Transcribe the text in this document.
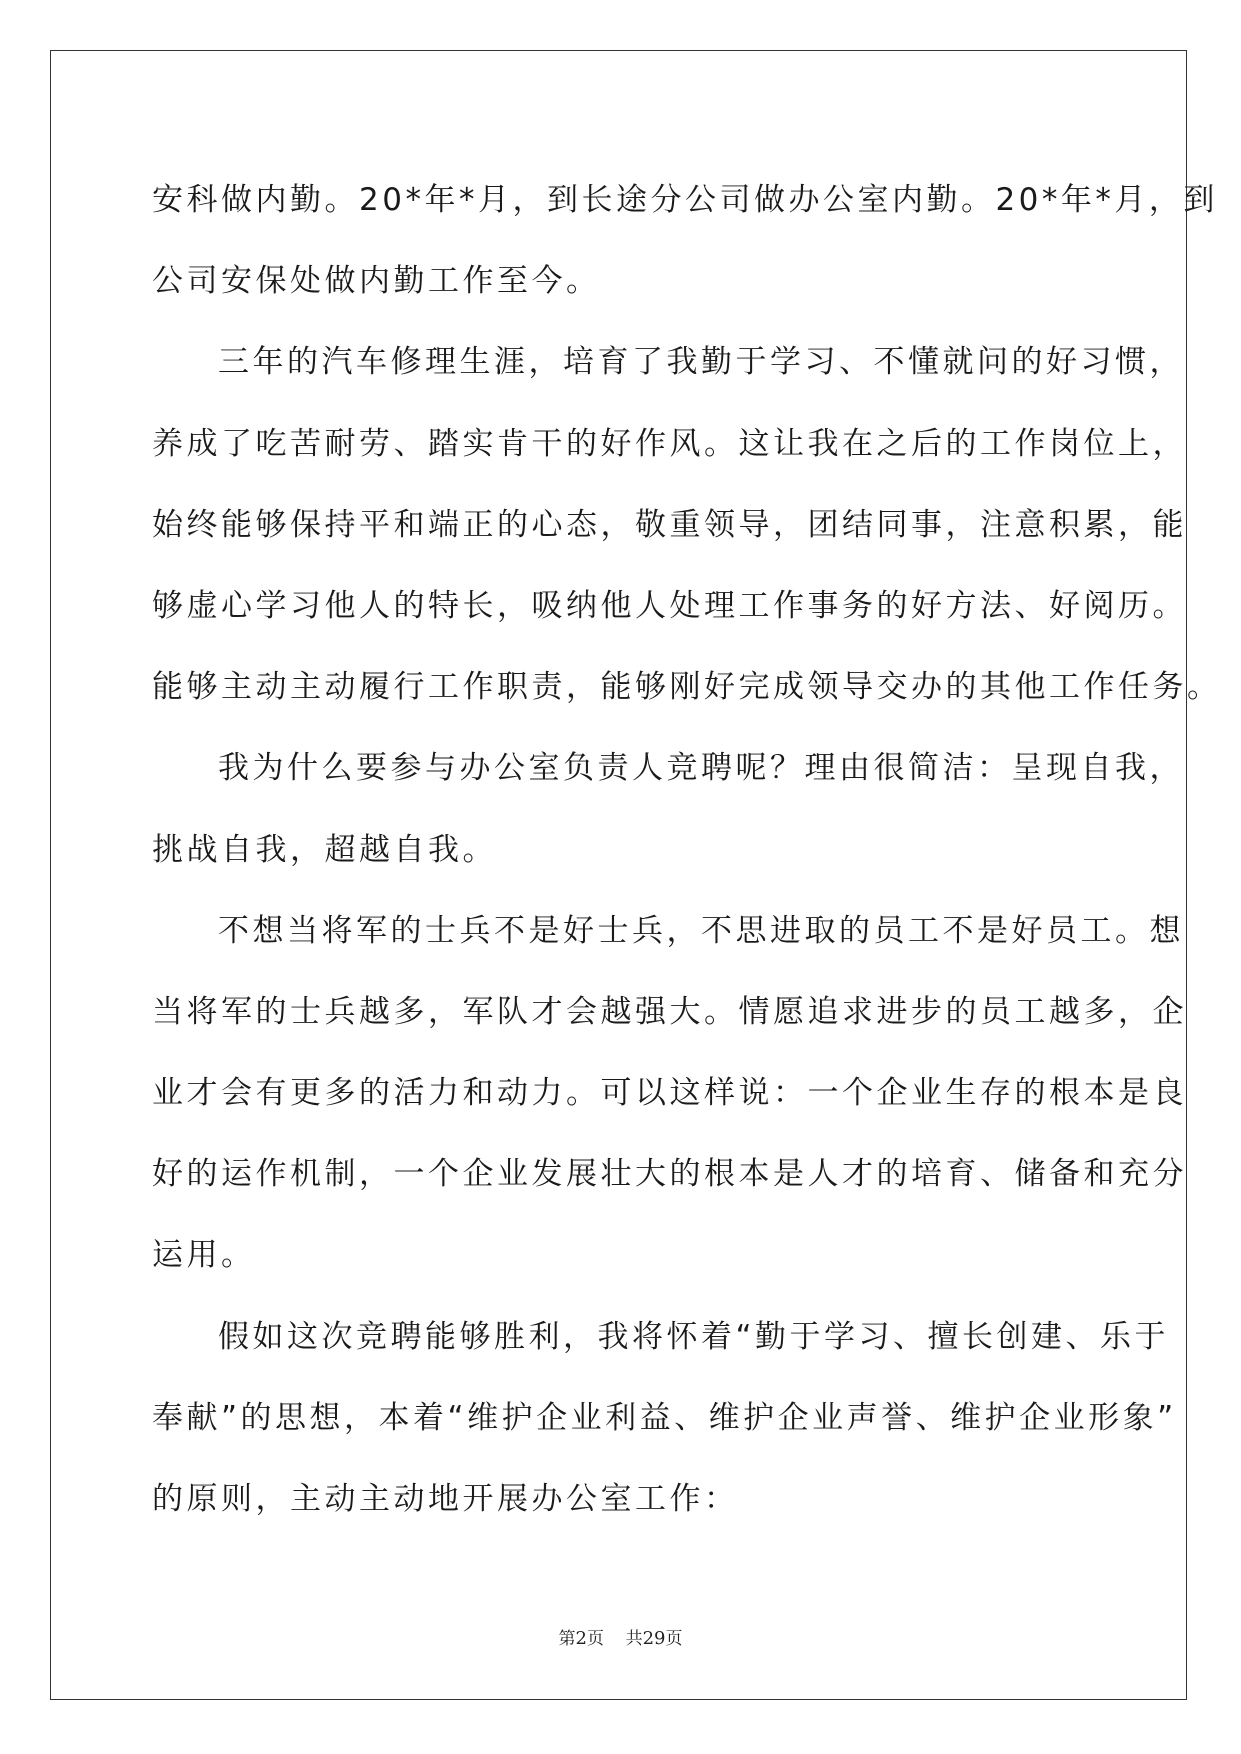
安科做内勤。20*年*月，到长途分公司做办公室内勤。20*年*月，到
公司安保处做内勤工作至今。
三年的汽车修理生涯，培育了我勤于学习、不懂就问的好习惯，
养成了吃苦耐劳、踏实肯干的好作风。这让我在之后的工作岗位上，
始终能够保持平和端正的心态，敬重领导，团结同事，注意积累，能
够虚心学习他人的特长，吸纳他人处理工作事务的好方法、好阅历。
能够主动主动履行工作职责，能够刚好完成领导交办的其他工作任务。
我为什么要参与办公室负责人竞聘呢？理由很简洁：呈现自我，
挑战自我，超越自我。
不想当将军的士兵不是好士兵，不思进取的员工不是好员工。想
当将军的士兵越多，军队才会越强大。情愿追求进步的员工越多，企
业才会有更多的活力和动力。可以这样说：一个企业生存的根本是良
好的运作机制，一个企业发展壮大的根本是人才的培育、储备和充分
运用。
假如这次竞聘能够胜利，我将怀着“勤于学习、擅长创建、乐于
奉献”的思想，本着“维护企业利益、维护企业声誉、维护企业形象”
的原则，主动主动地开展办公室工作：
第2页 共29页
